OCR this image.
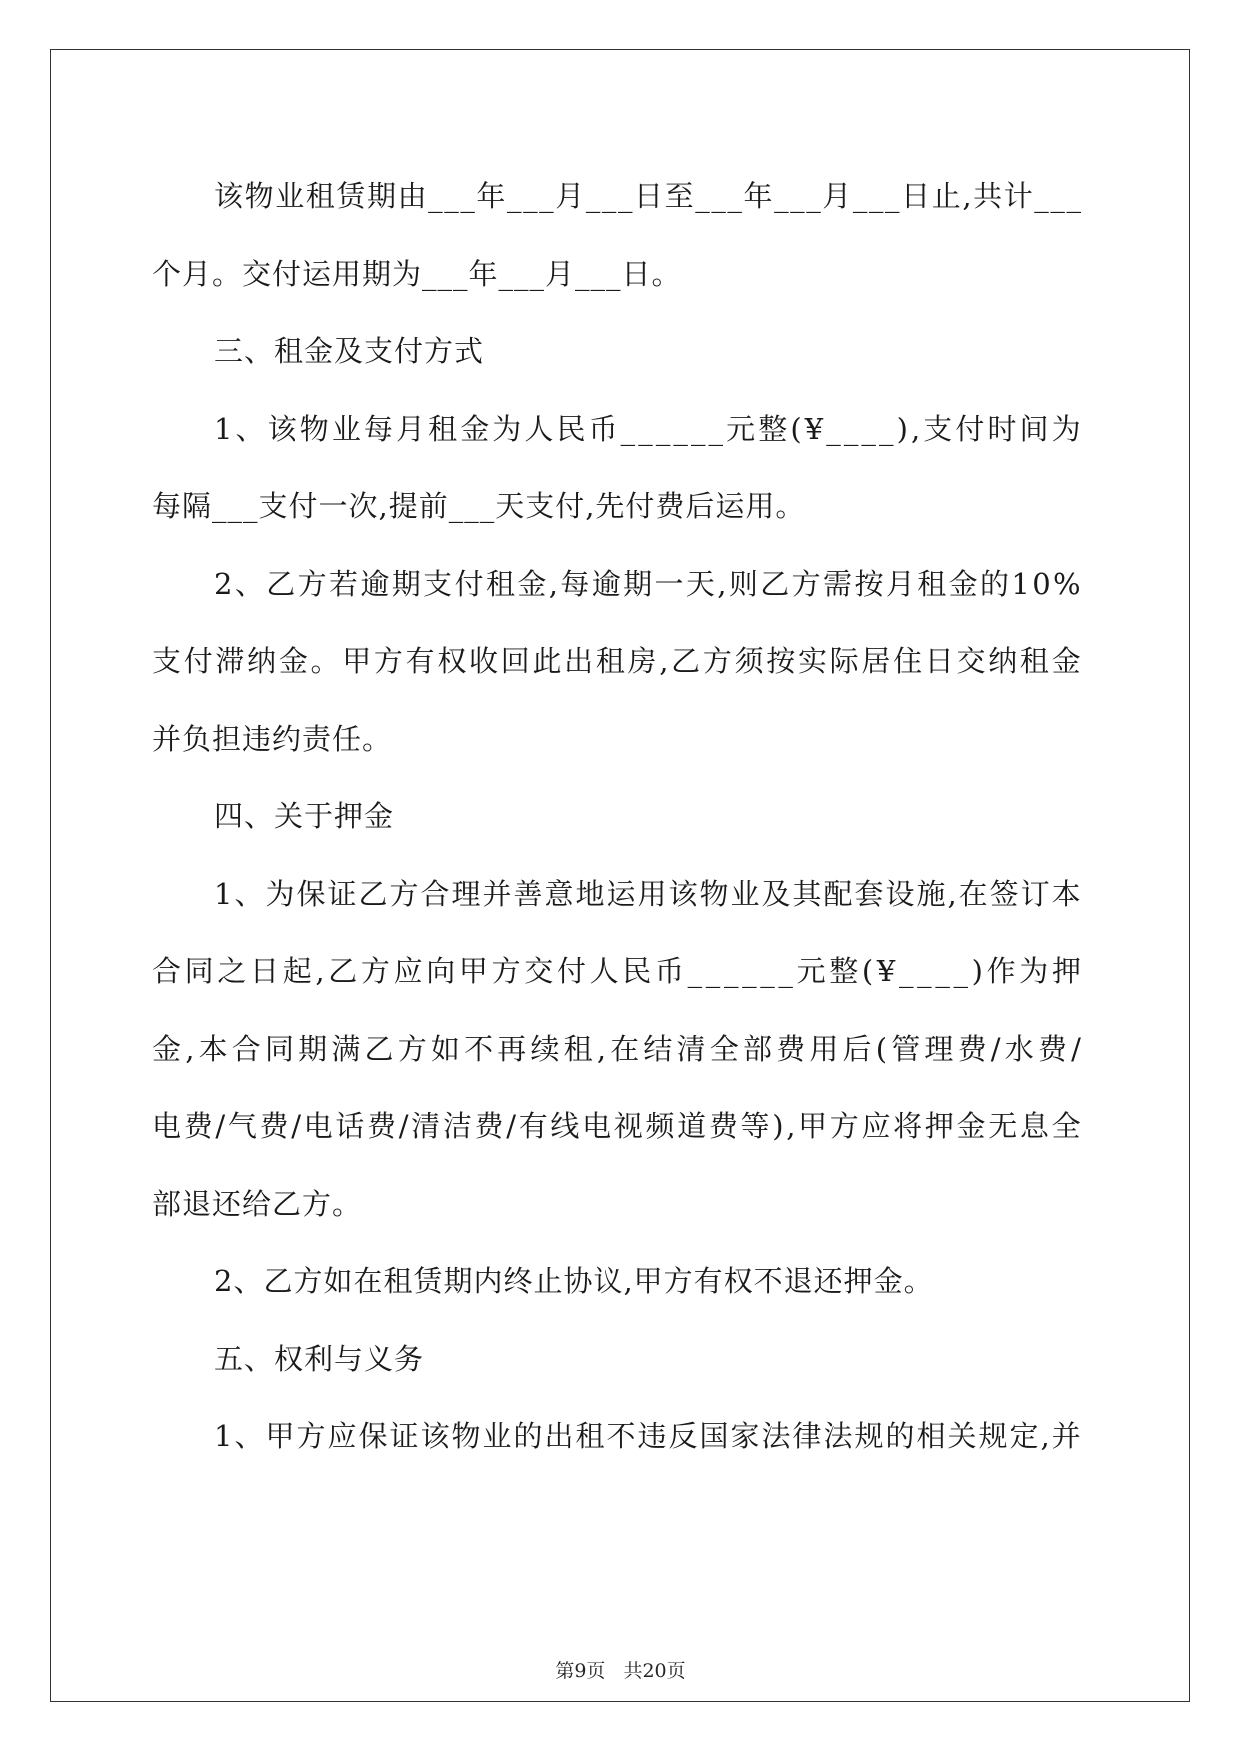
该 物 业 租 赁 期 由 _ _ _ 年 _ _ _ 月 _ _ _ 日 至 _ _ _ 年 _ _ _ 月 _ _ _ 日 止 , 共 计 _ _ _
个月。交付运用期为___年___月___日。
三、租金及支付方式
1 、 该 物 业 每 月 租 金 为 人 民 币 _ _ _ _ _ _ 元 整 ( ¥ _ _ _ _ ) , 支 付 时 间 为
每隔___支付一次,提前___天支付,先付费后运用。
2 、 乙 方 若 逾 期 支 付 租 金 , 每 逾 期 一 天 , 则 乙 方 需 按 月 租 金 的 1 0 %
支 付 滞 纳 金 。 甲 方 有 权 收 回 此 出 租 房 , 乙 方 须 按 实 际 居 住 日 交 纳 租 金
并负担违约责任。
四、关于押金
1 、 为 保 证 乙 方 合 理 并 善 意 地 运 用 该 物 业 及 其 配 套 设 施 , 在 签 订 本
合 同 之 日 起 , 乙 方 应 向 甲 方 交 付 人 民 币 _ _ _ _ _ _ 元 整 ( ¥ _ _ _ _ ) 作 为 押
金 , 本 合 同 期 满 乙 方 如 不 再 续 租 , 在 结 清 全 部 费 用 后 ( 管 理 费 / 水 费 /
电 费 / 气 费 / 电 话 费 / 清 洁 费 / 有 线 电 视 频 道 费 等 ) , 甲 方 应 将 押 金 无 息 全
部退还给乙方。
2、乙方如在租赁期内终止协议,甲方有权不退还押金。
五、权利与义务
1 、 甲 方 应 保 证 该 物 业 的 出 租 不 违 反 国 家 法 律 法 规 的 相 关 规 定 , 并
第9页 共20页
